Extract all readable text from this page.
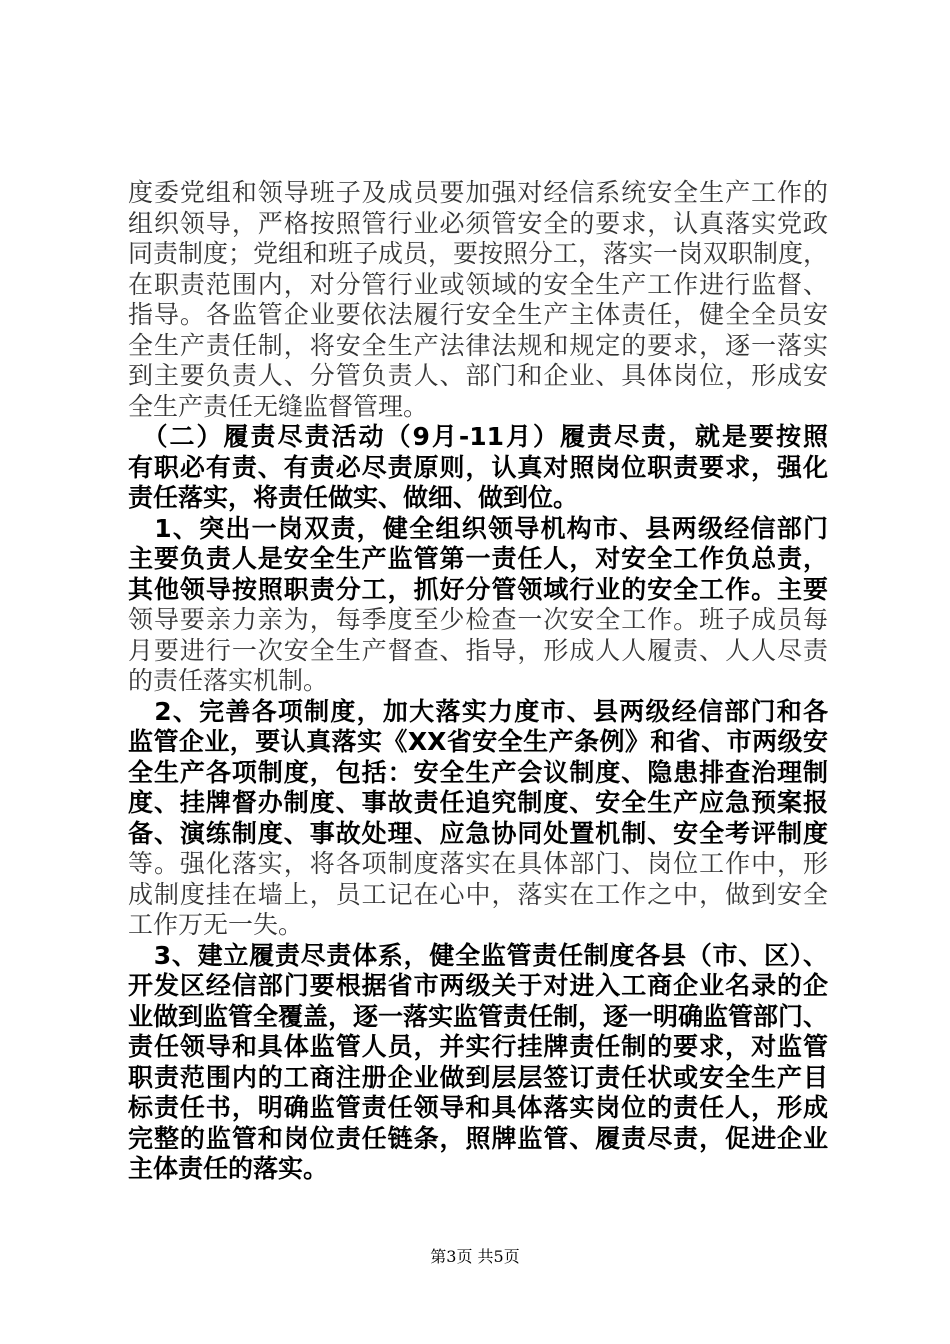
度委党组和领导班子及成员要加强对经信系统安全生产工作的
组织领导，严格按照管行业必须管安全的要求，认真落实党政
同责制度；党组和班子成员，要按照分工，落实一岗双职制度，
在职责范围内，对分管行业或领域的安全生产工作进行监督、
指导。各监管企业要依法履行安全生产主体责任，健全全员安
全生产责任制，将安全生产法律法规和规定的要求，逐一落实
到主要负责人、分管负责人、部门和企业、具体岗位，形成安
全生产责任无缝监督管理。
　（二）履责尽责活动（9月-11月）履责尽责，就是要按照
有职必有责、有责必尽责原则，认真对照岗位职责要求，强化
责任落实，将责任做实、做细、做到位。
　1、突出一岗双责，健全组织领导机构市、县两级经信部门
主要负责人是安全生产监管第一责任人，对安全工作负总责，
其他领导按照职责分工，抓好分管领域行业的安全工作。主要
领导要亲力亲为，每季度至少检查一次安全工作。班子成员每
月要进行一次安全生产督查、指导，形成人人履责、人人尽责
的责任落实机制。
　2、完善各项制度，加大落实力度市、县两级经信部门和各
监管企业，要认真落实《XX省安全生产条例》和省、市两级安
全生产各项制度，包括：安全生产会议制度、隐患排查治理制
度、挂牌督办制度、事故责任追究制度、安全生产应急预案报
备、演练制度、事故处理、应急协同处置机制、安全考评制度
等。强化落实，将各项制度落实在具体部门、岗位工作中，形
成制度挂在墙上，员工记在心中，落实在工作之中，做到安全
工作万无一失。
　3、建立履责尽责体系，健全监管责任制度各县（市、区）、
开发区经信部门要根据省市两级关于对进入工商企业名录的企
业做到监管全覆盖，逐一落实监管责任制，逐一明确监管部门、
责任领导和具体监管人员，并实行挂牌责任制的要求，对监管
职责范围内的工商注册企业做到层层签订责任状或安全生产目
标责任书，明确监管责任领导和具体落实岗位的责任人，形成
完整的监管和岗位责任链条，照牌监管、履责尽责，促进企业
主体责任的落实。
第3页 共5页
